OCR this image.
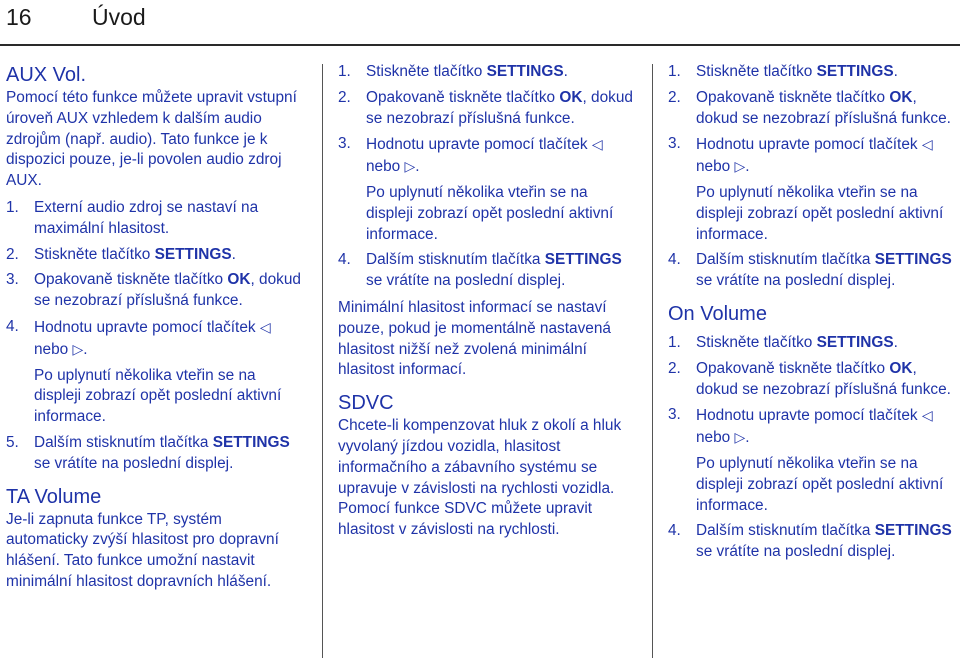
16	Úvod
AUX Vol.
Pomocí této funkce můžete upravit vstupní úroveň AUX vzhledem k dalším audio zdrojům (např. audio). Tato funkce je k dispozici pouze, je-li povolen audio zdroj AUX.
1. Externí audio zdroj se nastaví na maximální hlasitost.
2. Stiskněte tlačítko SETTINGS.
3. Opakovaně tiskněte tlačítko OK, dokud se nezobrazí příslušná funkce.
4. Hodnotu upravte pomocí tlačítek ◁ nebo ▷.
Po uplynutí několika vteřin se na displeji zobrazí opět poslední aktivní informace.
5. Dalším stisknutím tlačítka SETTINGS se vrátíte na poslední displej.
TA Volume
Je-li zapnuta funkce TP, systém automaticky zvýší hlasitost pro dopravní hlášení. Tato funkce umožní nastavit minimální hlasitost dopravních hlášení.
1. Stiskněte tlačítko SETTINGS.
2. Opakovaně tiskněte tlačítko OK, dokud se nezobrazí příslušná funkce.
3. Hodnotu upravte pomocí tlačítek ◁ nebo ▷.
Po uplynutí několika vteřin se na displeji zobrazí opět poslední aktivní informace.
4. Dalším stisknutím tlačítka SETTINGS se vrátíte na poslední displej.
Minimální hlasitost informací se nastaví pouze, pokud je momentálně nastavená hlasitost nižší než zvolená minimální hlasitost informací.
SDVC
Chcete-li kompenzovat hluk z okolí a hluk vyvolaný jízdou vozidla, hlasitost informačního a zábavního systému se upravuje v závislosti na rychlosti vozidla. Pomocí funkce SDVC můžete upravit hlasitost v závislosti na rychlosti.
1. Stiskněte tlačítko SETTINGS.
2. Opakovaně tiskněte tlačítko OK, dokud se nezobrazí příslušná funkce.
3. Hodnotu upravte pomocí tlačítek ◁ nebo ▷.
Po uplynutí několika vteřin se na displeji zobrazí opět poslední aktivní informace.
4. Dalším stisknutím tlačítka SETTINGS se vrátíte na poslední displej.
On Volume
1. Stiskněte tlačítko SETTINGS.
2. Opakovaně tiskněte tlačítko OK, dokud se nezobrazí příslušná funkce.
3. Hodnotu upravte pomocí tlačítek ◁ nebo ▷.
Po uplynutí několika vteřin se na displeji zobrazí opět poslední aktivní informace.
4. Dalším stisknutím tlačítka SETTINGS se vrátíte na poslední displej.
